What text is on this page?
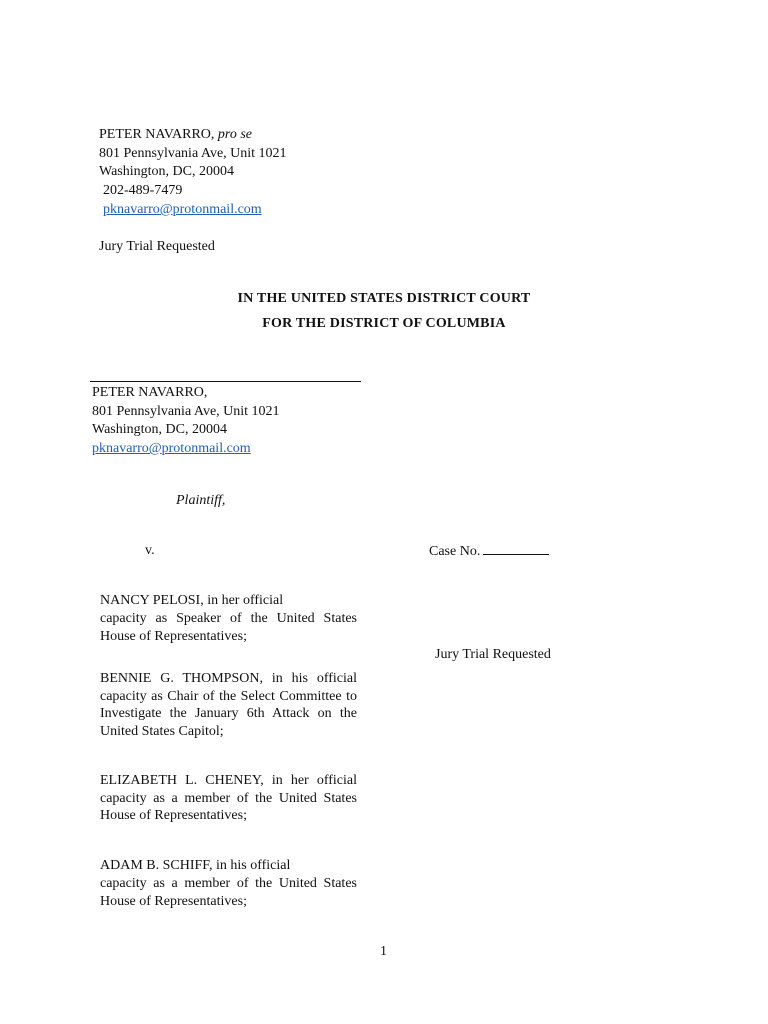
PETER NAVARRO, pro se
801 Pennsylvania Ave, Unit 1021
Washington, DC, 20004
202-489-7479
pknavarro@protonmail.com
Jury Trial Requested
IN THE UNITED STATES DISTRICT COURT
FOR THE DISTRICT OF COLUMBIA
PETER NAVARRO,
801 Pennsylvania Ave, Unit 1021
Washington, DC, 20004
pknavarro@protonmail.com
Plaintiff,
v.	Case No.
NANCY PELOSI, in her official
capacity as Speaker of the United States House of Representatives;
Jury Trial Requested
BENNIE G. THOMPSON, in his official capacity as Chair of the Select Committee to Investigate the January 6th Attack on the United States Capitol;
ELIZABETH L. CHENEY, in her official capacity as a member of the United States House of Representatives;
ADAM B. SCHIFF, in his official
capacity as a member of the United States House of Representatives;
1
